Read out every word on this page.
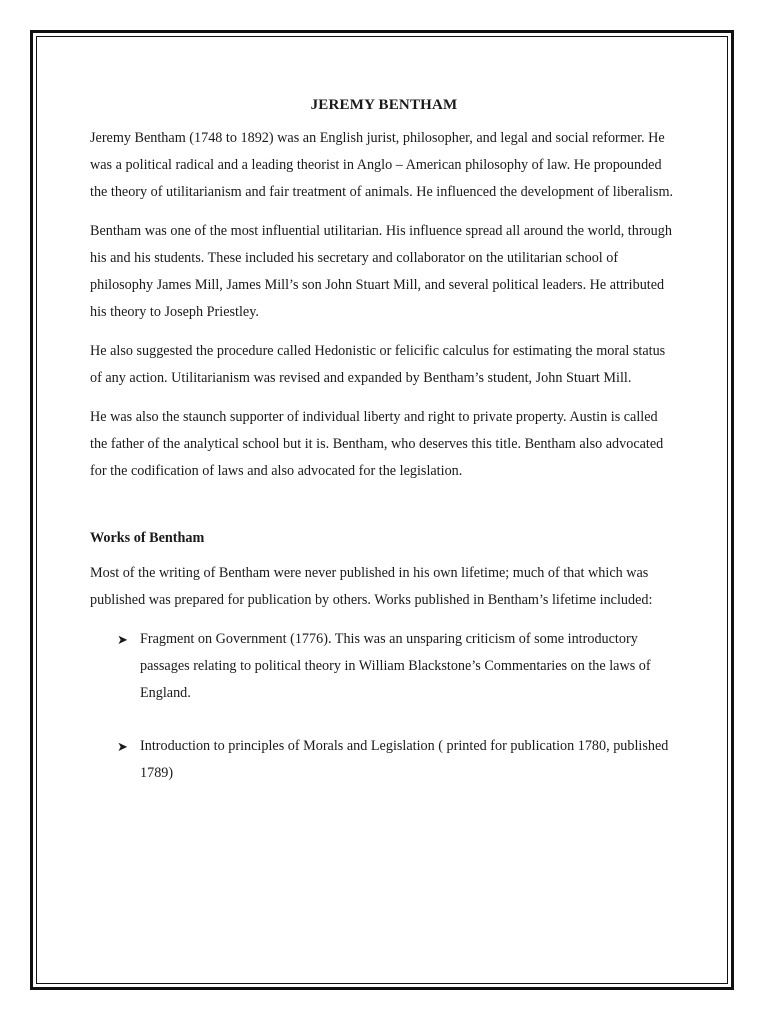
JEREMY BENTHAM

Jeremy Bentham (1748 to 1892) was an English jurist, philosopher, and legal and social reformer. He was a political radical and a leading theorist in Anglo – American philosophy of law. He propounded the theory of utilitarianism and fair treatment of animals. He influenced the development of liberalism.

Bentham was one of the most influential utilitarian. His influence spread all around the world, through his and his students. These included his secretary and collaborator on the utilitarian school of philosophy James Mill, James Mill’s son John Stuart Mill, and several political leaders. He attributed his theory to Joseph Priestley.

He also suggested the procedure called Hedonistic or felicific calculus for estimating the moral status of any action. Utilitarianism was revised and expanded by Bentham’s student, John Stuart Mill.

He was also the staunch supporter of individual liberty and right to private property. Austin is called the father of the analytical school but it is. Bentham, who deserves this title. Bentham also advocated for the codification of laws and also advocated for the legislation.

Works of Bentham

Most of the writing of Bentham were never published in his own lifetime; much of that which was published was prepared for publication by others. Works published in Bentham’s lifetime included:

➤ Fragment on Government (1776). This was an unsparing criticism of some introductory passages relating to political theory in William Blackstone’s Commentaries on the laws of England.
➤ Introduction to principles of Morals and Legislation ( printed for publication 1780, published 1789)
